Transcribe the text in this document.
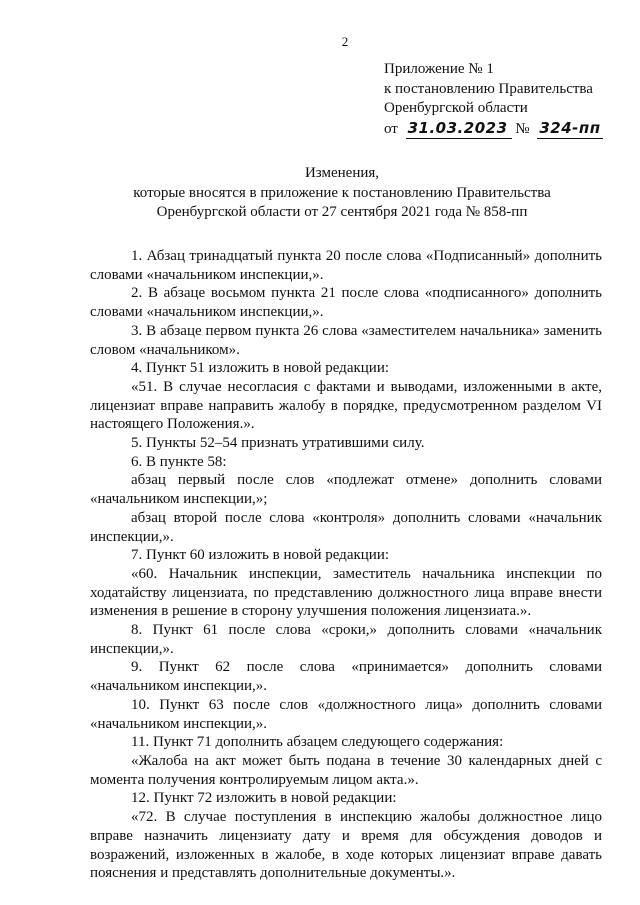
2
Приложение № 1
к постановлению Правительства
Оренбургской области
от 31.03.2023 № 324-пп
Изменения,
которые вносятся в приложение к постановлению Правительства
Оренбургской области от 27 сентября 2021 года № 858-пп

1. Абзац тринадцатый пункта 20 после слова «Подписанный» дополнить словами «начальником инспекции,».

2. В абзаце восьмом пункта 21 после слова «подписанного» дополнить словами «начальником инспекции,».

3. В абзаце первом пункта 26 слова «заместителем начальника» заменить словом «начальником».

4. Пункт 51 изложить в новой редакции:

«51. В случае несогласия с фактами и выводами, изложенными в акте, лицензиат вправе направить жалобу в порядке, предусмотренном разделом VI настоящего Положения.».

5. Пункты 52–54 признать утратившими силу.

6. В пункте 58:

абзац первый после слов «подлежат отмене» дополнить словами «начальником инспекции,»;

абзац второй после слова «контроля» дополнить словами «начальник инспекции,».

7. Пункт 60 изложить в новой редакции:

«60. Начальник инспекции, заместитель начальника инспекции по ходатайству лицензиата, по представлению должностного лица вправе внести изменения в решение в сторону улучшения положения лицензиата.».

8. Пункт 61 после слова «сроки,» дополнить словами «начальник инспекции,».

9. Пункт 62 после слова «принимается» дополнить словами «начальником инспекции,».

10. Пункт 63 после слов «должностного лица» дополнить словами «начальником инспекции,».

11. Пункт 71 дополнить абзацем следующего содержания:

«Жалоба на акт может быть подана в течение 30 календарных дней с момента получения контролируемым лицом акта.».

12. Пункт 72 изложить в новой редакции:

«72. В случае поступления в инспекцию жалобы должностное лицо вправе назначить лицензиату дату и время для обсуждения доводов и возражений, изложенных в жалобе, в ходе которых лицензиат вправе давать пояснения и представлять дополнительные документы.».
